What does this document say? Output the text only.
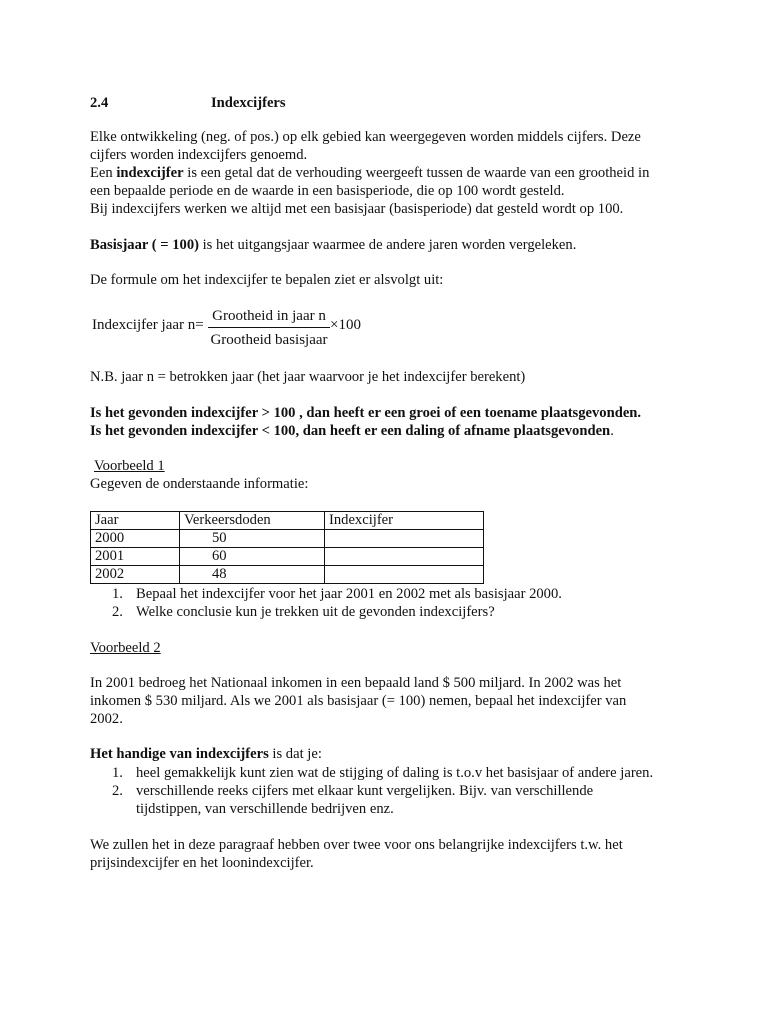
2.4	Indexcijfers
Elke ontwikkeling (neg. of pos.) op elk gebied kan weergegeven worden middels cijfers. Deze
cijfers worden indexcijfers genoemd.
Een indexcijfer is een getal dat de verhouding weergeeft tussen de waarde van een grootheid in
een bepaalde periode en de waarde in een basisperiode, die op 100 wordt gesteld.
Bij indexcijfers werken we altijd met een basisjaar (basisperiode) dat gesteld wordt op 100.
Basisjaar ( = 100) is het uitgangsjaar waarmee de andere jaren worden vergeleken.
De formule om het indexcijfer te bepalen ziet er alsvolgt uit:
Indexcijfer jaar n=
Grootheid in jaar n
Grootheid basisjaar
×100
N.B. jaar n = betrokken jaar (het jaar waarvoor je het indexcijfer berekent)
Is het gevonden indexcijfer > 100 , dan heeft er een groei of een toename plaatsgevonden.
Is het gevonden indexcijfer < 100, dan heeft er een daling of afname plaatsgevonden.
Voorbeeld 1
Gegeven de onderstaande informatie:
Jaar	Verkeersdoden	Indexcijfer
2000	50	
2001	60	
2002	48	
1. Bepaal het indexcijfer voor het jaar 2001 en 2002 met als basisjaar 2000.
2. Welke conclusie kun je trekken uit de gevonden indexcijfers?
Voorbeeld 2
In 2001 bedroeg het Nationaal inkomen in een bepaald land $ 500 miljard. In 2002 was het
inkomen $ 530 miljard. Als we 2001 als basisjaar (= 100) nemen, bepaal het indexcijfer van
2002.
Het handige van indexcijfers is dat je:
1. heel gemakkelijk kunt zien wat de stijging of daling is t.o.v het basisjaar of andere jaren.
2. verschillende reeks cijfers met elkaar kunt vergelijken. Bijv. van verschillende
tijdstippen, van verschillende bedrijven enz.
We zullen het in deze paragraaf hebben over twee voor ons belangrijke indexcijfers t.w. het
prijsindexcijfer en het loonindexcijfer.
